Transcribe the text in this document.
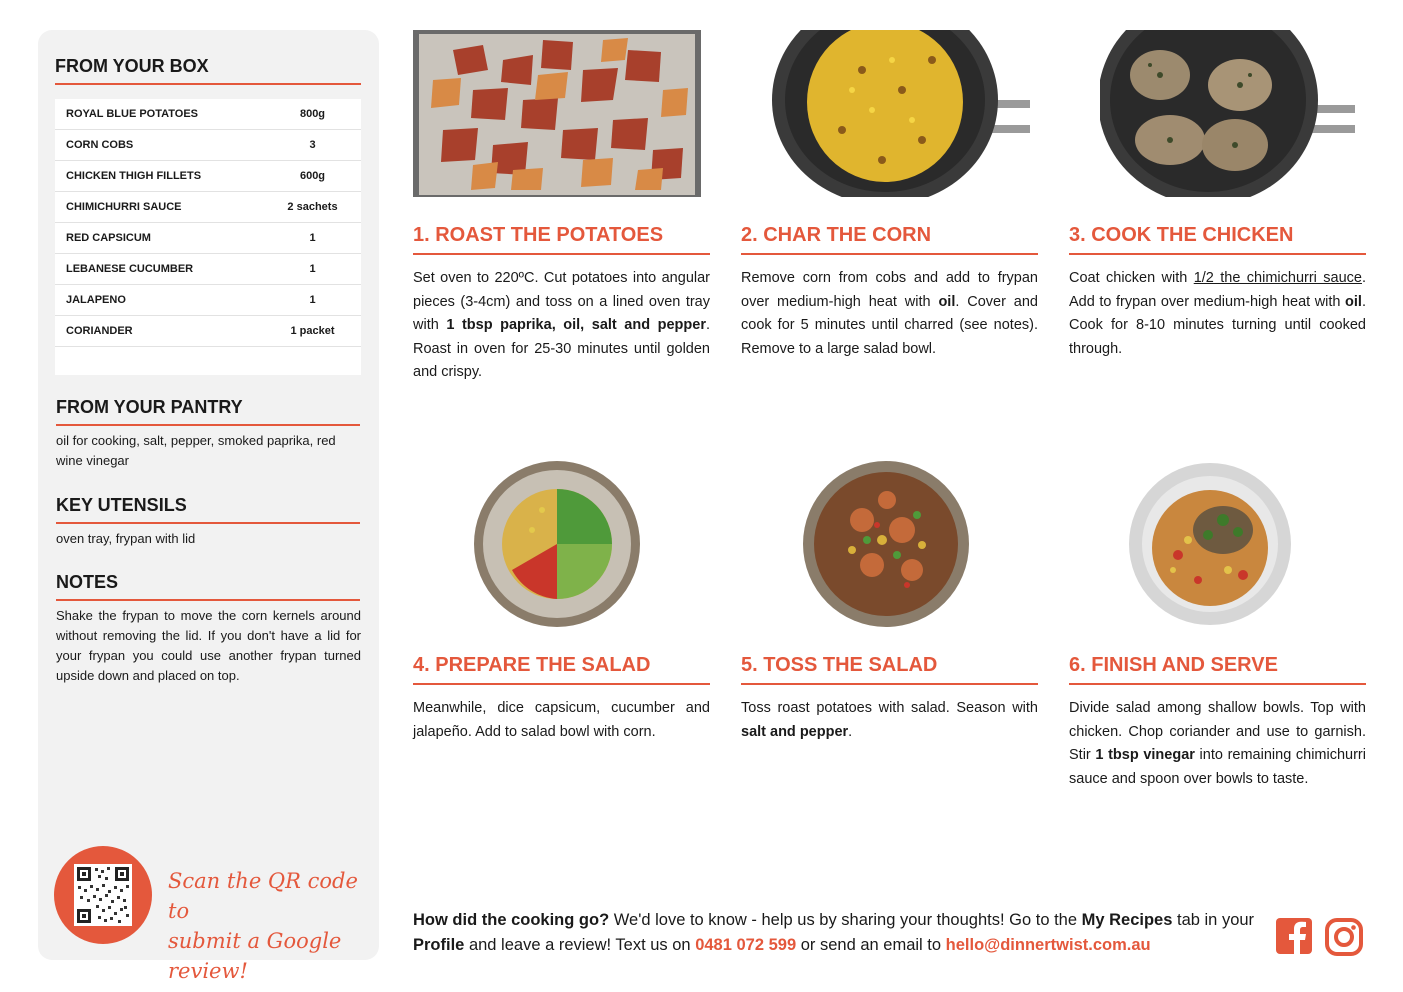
FROM YOUR BOX
ROYAL BLUE POTATOES	800g
CORN COBS	3
CHICKEN THIGH FILLETS	600g
CHIMICHURRI SAUCE	2 sachets
RED CAPSICUM	1
LEBANESE CUCUMBER	1
JALAPENO	1
CORIANDER	1 packet
FROM YOUR PANTRY
oil for cooking, salt, pepper, smoked paprika, red wine vinegar
KEY UTENSILS
oven tray, frypan with lid
NOTES
Shake the frypan to move the corn kernels around without removing the lid. If you don't have a lid for your frypan you could use another frypan turned upside down and placed on top.
Scan the QR code to
submit a Google review!
1. ROAST THE POTATOES
Set oven to 220ºC. Cut potatoes into angular pieces (3-4cm) and toss on a lined oven tray with 1 tbsp paprika, oil, salt and pepper. Roast in oven for 25-30 minutes until golden and crispy.
2. CHAR THE CORN
Remove corn from cobs and add to frypan over medium-high heat with oil. Cover and cook for 5 minutes until charred (see notes). Remove to a large salad bowl.
3. COOK THE CHICKEN
Coat chicken with 1/2 the chimichurri sauce. Add to frypan over medium-high heat with oil. Cook for 8-10 minutes turning until cooked through.
4. PREPARE THE SALAD
Meanwhile, dice capsicum, cucumber and jalapeño. Add to salad bowl with corn.
5. TOSS THE SALAD
Toss roast potatoes with salad. Season with salt and pepper.
6. FINISH AND SERVE
Divide salad among shallow bowls. Top with chicken. Chop coriander and use to garnish. Stir 1 tbsp vinegar into remaining chimichurri sauce and spoon over bowls to taste.
How did the cooking go? We'd love to know - help us by sharing your thoughts! Go to the My Recipes tab in your Profile and leave a review! Text us on 0481 072 599 or send an email to hello@dinnertwist.com.au
